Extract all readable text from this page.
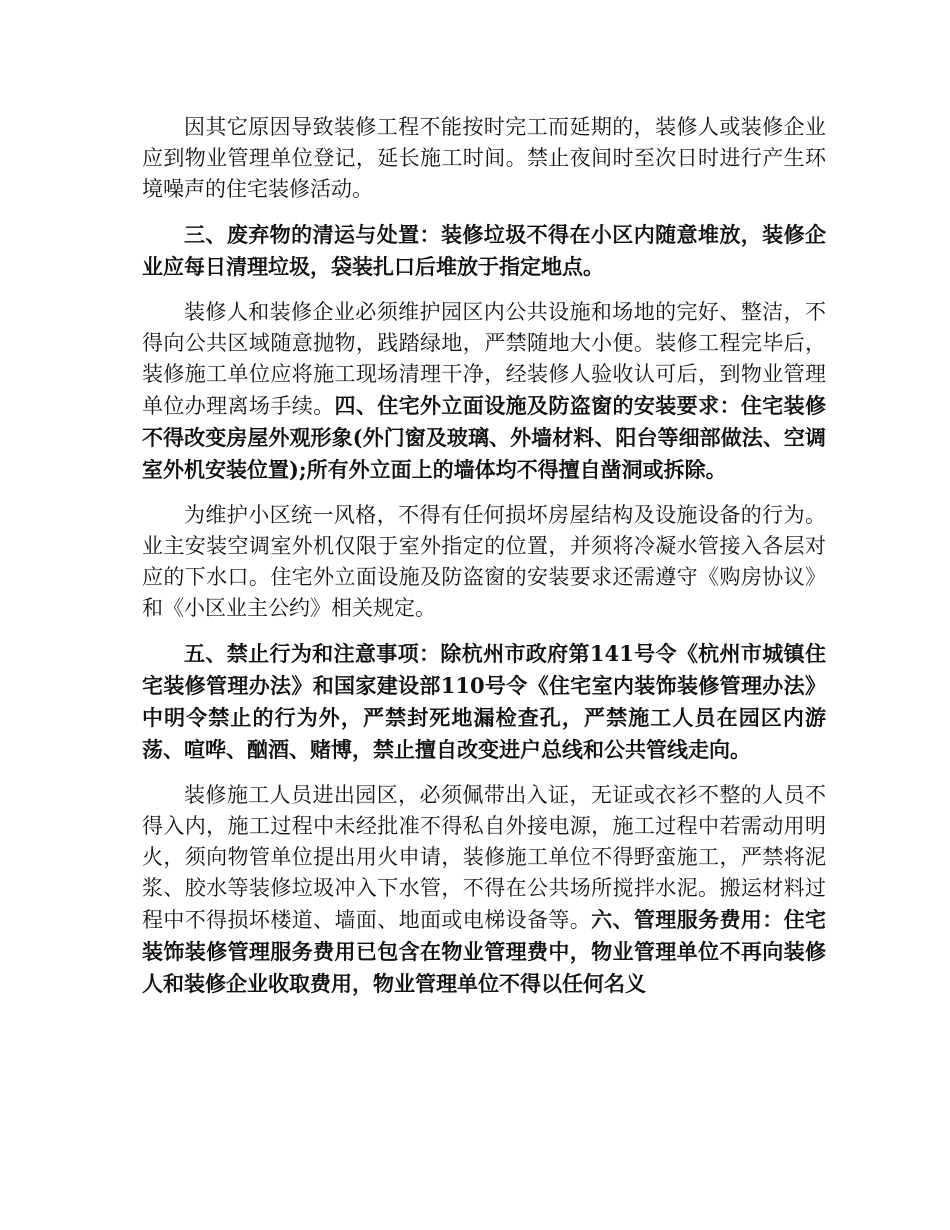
因其它原因导致装修工程不能按时完工而延期的，装修人或装修企业应到物业管理单位登记，延长施工时间。禁止夜间时至次日时进行产生环境噪声的住宅装修活动。

三、废弃物的清运与处置：装修垃圾不得在小区内随意堆放，装修企业应每日清理垃圾，袋装扎口后堆放于指定地点。

装修人和装修企业必须维护园区内公共设施和场地的完好、整洁，不得向公共区域随意抛物，践踏绿地，严禁随地大小便。装修工程完毕后，装修施工单位应将施工现场清理干净，经装修人验收认可后，到物业管理单位办理离场手续。四、住宅外立面设施及防盗窗的安装要求：住宅装修不得改变房屋外观形象(外门窗及玻璃、外墙材料、阳台等细部做法、空调室外机安装位置);所有外立面上的墙体均不得擅自凿洞或拆除。

为维护小区统一风格，不得有任何损坏房屋结构及设施设备的行为。业主安装空调室外机仅限于室外指定的位置，并须将冷凝水管接入各层对应的下水口。住宅外立面设施及防盗窗的安装要求还需遵守《购房协议》和《小区业主公约》相关规定。

五、禁止行为和注意事项：除杭州市政府第141号令《杭州市城镇住宅装修管理办法》和国家建设部110号令《住宅室内装饰装修管理办法》中明令禁止的行为外，严禁封死地漏检查孔，严禁施工人员在园区内游荡、喧哗、酗酒、赌博，禁止擅自改变进户总线和公共管线走向。

装修施工人员进出园区，必须佩带出入证，无证或衣衫不整的人员不得入内，施工过程中未经批准不得私自外接电源，施工过程中若需动用明火，须向物管单位提出用火申请，装修施工单位不得野蛮施工，严禁将泥浆、胶水等装修垃圾冲入下水管，不得在公共场所搅拌水泥。搬运材料过程中不得损坏楼道、墙面、地面或电梯设备等。六、管理服务费用：住宅装饰装修管理服务费用已包含在物业管理费中，物业管理单位不再向装修人和装修企业收取费用，物业管理单位不得以任何名义
